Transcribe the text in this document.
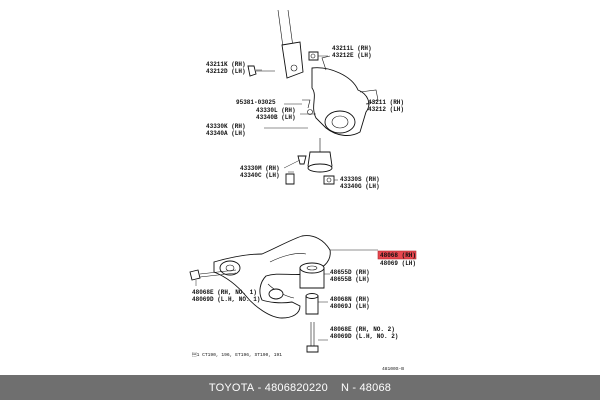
43211L (RH)
43212E (LH)
43211K (RH)
43212D (LH)
95381-03025
43330L (RH)
43340B (LH)
43330K (RH)
43340A (LH)
43211 (RH)
43212 (LH)
43330M (RH)
43340C (LH)
43330S (RH)
43340G (LH)
48068 (RH)
48069 (LH)
48655D (RH)
48655B (LH)
48068E (RH, NO. 1)
48069D (L.H, NO. 1)	48068N (RH)
48069J (LH)
48068E (RH, NO. 2)
48069D (L.H, NO. 2)
1 CT190, 196, ET196, ST190, 191
48100S-B
TOYOTA
-
4806820220
N - 48068
